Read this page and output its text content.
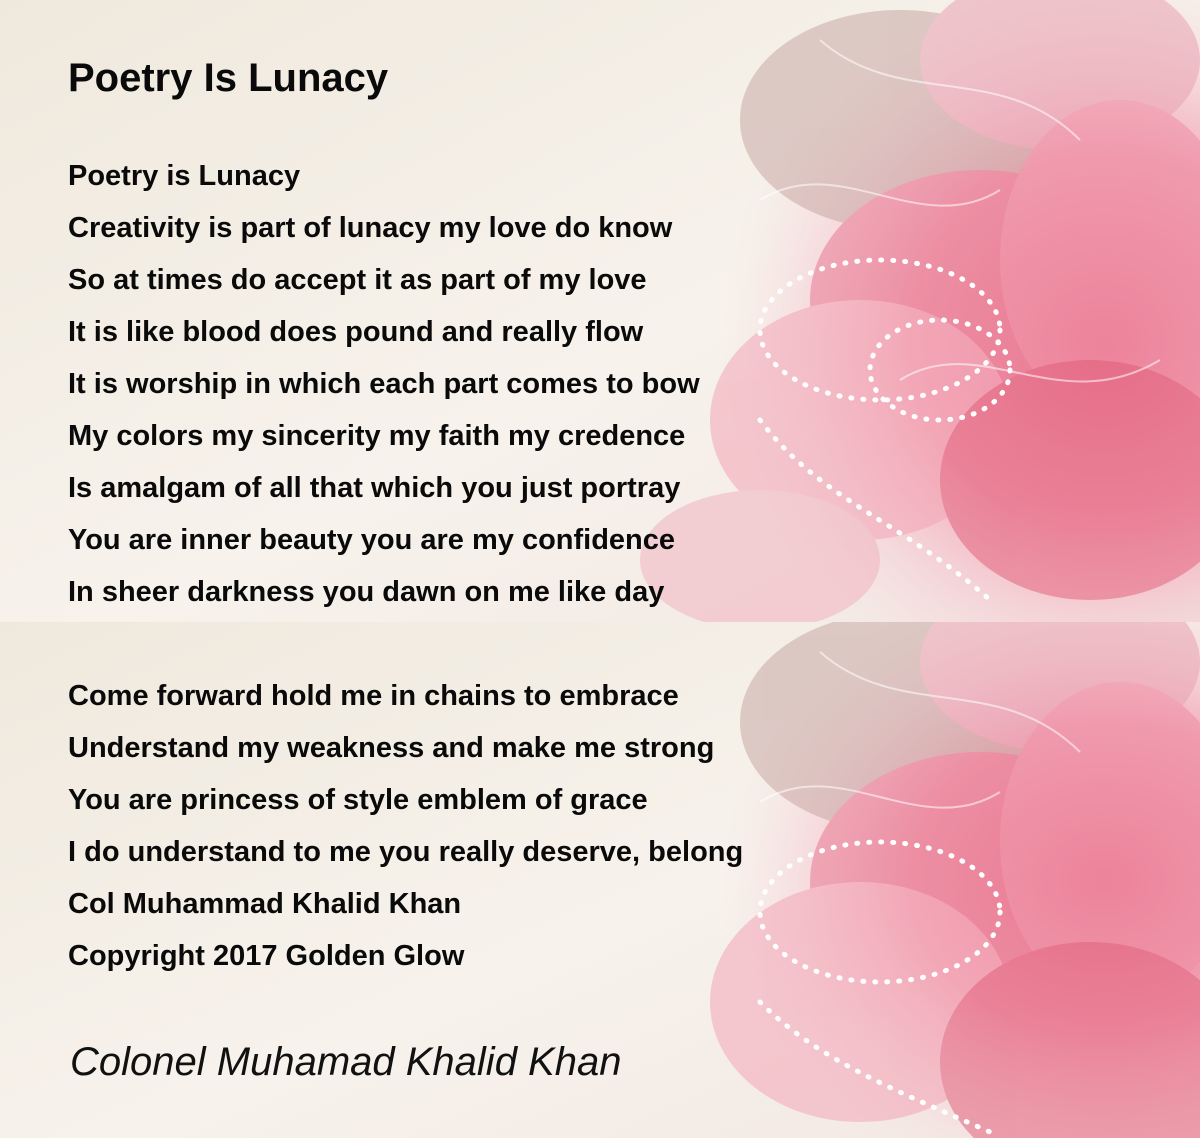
Poetry Is Lunacy
Poetry is Lunacy
Creativity is part of lunacy my love do know
So at times do accept it as part of my love
It is like blood does pound and really flow
It is worship in which each part comes to bow
My colors my sincerity my faith my credence
Is amalgam of all that which you just portray
You are inner beauty you are my confidence
In sheer darkness you dawn on me like day
Come forward hold me in chains to embrace
Understand my weakness and make me strong
You are princess of style emblem of grace
I do understand to me you really deserve, belong
Col Muhammad Khalid Khan
Copyright 2017 Golden Glow
Colonel Muhamad Khalid Khan
